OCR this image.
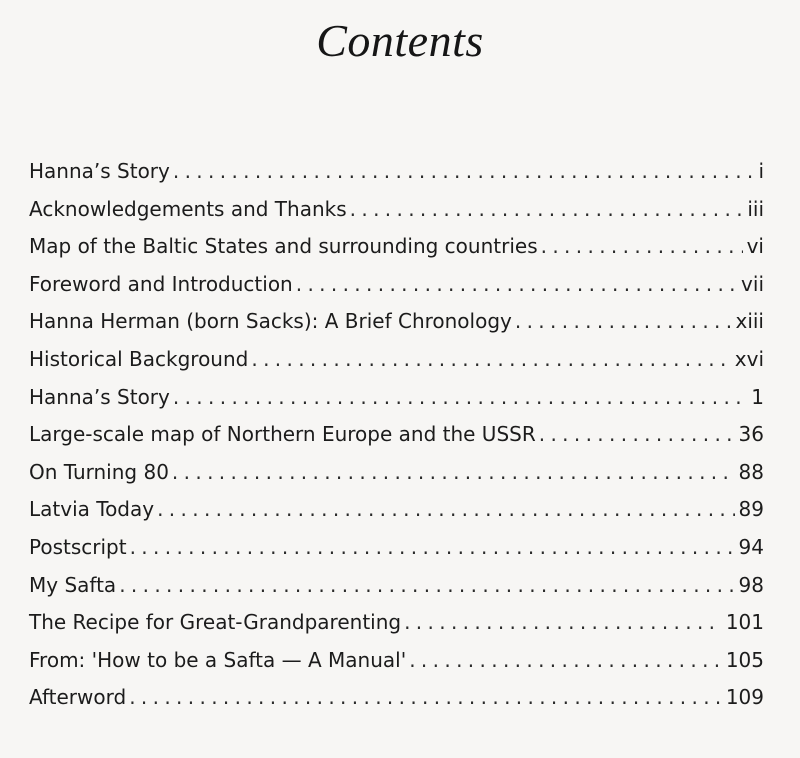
Contents
Hanna’s Story . . .	i
Acknowledgements and Thanks . . .	iii
Map of the Baltic States and surrounding countries . . .	vi
Foreword and Introduction . . .	vii
Hanna Herman (born Sacks): A Brief Chronology . . .	xiii
Historical Background . . .	xvi
Hanna’s Story . . .	1
Large-scale map of Northern Europe and the USSR . . .	36
On Turning 80 . . .	88
Latvia Today . . .	89
Postscript . . .	94
My Safta . . .	98
The Recipe for Great-Grandparenting . . .	101
From: 'How to be a Safta — A Manual' . . .	105
Afterword . . .	109
